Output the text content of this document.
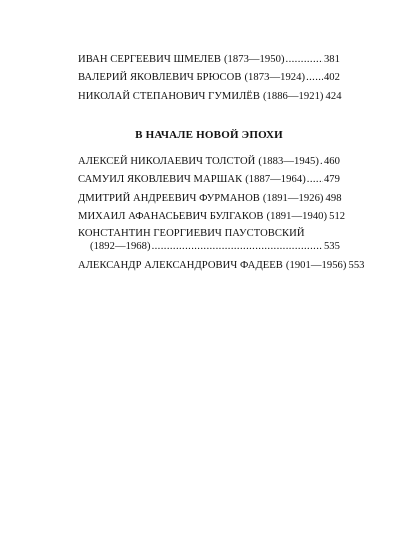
ИВАН СЕРГЕЕВИЧ ШМЕЛЕВ (1873—1950) .....	381
ВАЛЕРИЙ ЯКОВЛЕВИЧ БРЮСОВ (1873—1924) ..... 402
НИКОЛАЙ СТЕПАНОВИЧ ГУМИЛЁВ (1886—1921) 424
В НАЧАЛЕ НОВОЙ ЭПОХИ
АЛЕКСЕЙ НИКОЛАЕВИЧ ТОЛСТОЙ (1883—1945) ..... 460
САМУИЛ ЯКОВЛЕВИЧ МАРШАК (1887—1964) ..... 479
ДМИТРИЙ АНДРЕЕВИЧ ФУРМАНОВ (1891—1926) 498
МИХАИЛ АФАНАСЬЕВИЧ БУЛГАКОВ (1891—1940) 512
КОНСТАНТИН ГЕОРГИЕВИЧ ПАУСТОВСКИЙ
(1892—1968) .....	535
АЛЕКСАНДР АЛЕКСАНДРОВИЧ ФАДЕЕВ (1901—1956) 553
